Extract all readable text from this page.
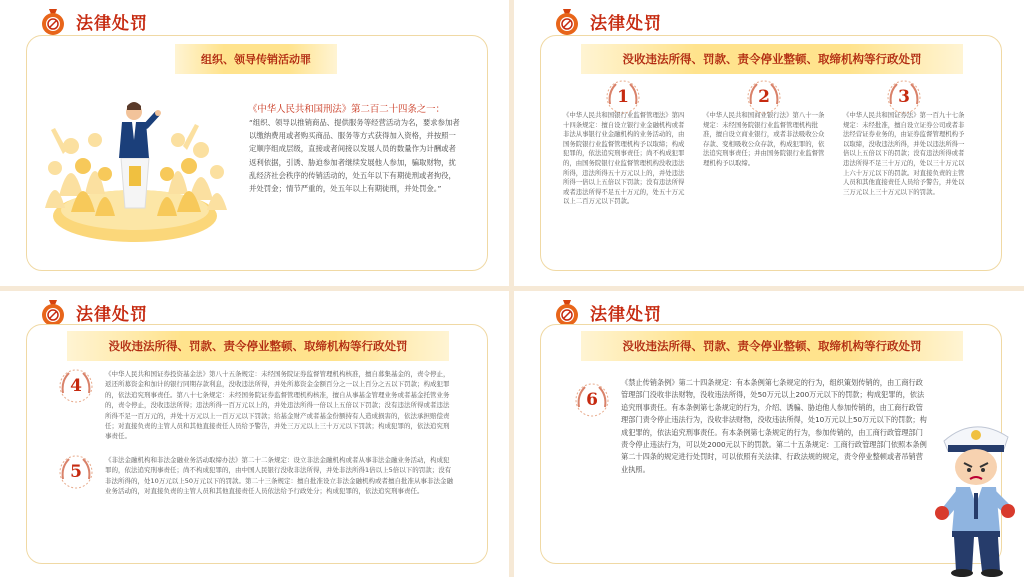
法律处罚
组织、领导传销活动罪
《中华人民共和国刑法》第二百二十四条之一：
“组织、领导以推销商品、提供服务等经营活动为名，要求参加者以缴纳费用或者购买商品、服务等方式获得加入资格，并按照一定顺序组成层级，直接或者间接以发展人员的数量作为计酬或者返利依据，引诱、胁迫参加者继续发展他人参加，骗取财物，扰乱经济社会秩序的传销活动的，处五年以下有期徒刑或者拘役，并处罚金；情节严重的，处五年以上有期徒刑，并处罚金。”
法律处罚
没收违法所得、罚款、责令停业整顿、取缔机构等行政处罚
1
《中华人民共和国银行业监督管理法》第四十四条规定：擅自设立银行业金融机构或者非法从事银行业金融机构的业务活动的，由国务院银行业监督管理机构予以取缔；构成犯罪的，依法追究刑事责任；尚不构成犯罪的，由国务院银行业监督管理机构没收违法所得，违法所得五十万元以上的，并处违法所得一倍以上五倍以下罚款；没有违法所得或者违法所得不足五十万元的，处五十万元以上二百万元以下罚款。
2
《中华人民共和国商业银行法》第八十一条规定：未经国务院银行业监督管理机构批准，擅自设立商业银行，或者非法吸收公众存款、变相吸收公众存款，构成犯罪的，依法追究刑事责任；并由国务院银行业监督管理机构予以取缔。
3
《中华人民共和国证券法》第一百九十七条规定：未经批准，擅自设立证券公司或者非法经营证券业务的，由证券监督管理机构予以取缔，没收违法所得，并处以违法所得一倍以上五倍以下的罚款；没有违法所得或者违法所得不足三十万元的，处以三十万元以上六十万元以下的罚款。对直接负责的主管人员和其他直接责任人员给予警告，并处以三万元以上三十万元以下的罚款。
法律处罚
没收违法所得、罚款、责令停业整顿、取缔机构等行政处罚
4
《中华人民共和国证券投资基金法》第八十五条规定：未经国务院证券监督管理机构核准，擅自募集基金的，责令停止，返还所募资金和加计的银行同期存款利息，没收违法所得，并处所募资金金额百分之一以上百分之五以下罚款；构成犯罪的，依法追究刑事责任。第八十七条规定：未经国务院证券监督管理机构核准，擅自从事基金管理业务或者基金托管业务的，责令停止，没收违法所得；违法所得一百万元以上的，并处违法所得一倍以上五倍以下罚款；没有违法所得或者违法所得不足一百万元的，并处十万元以上一百万元以下罚款；给基金财产或者基金份额持有人造成损害的，依法承担赔偿责任；对直接负责的主管人员和其他直接责任人员给予警告，并处三万元以上三十万元以下罚款；构成犯罪的，依法追究刑事责任。
5
《非法金融机构和非法金融业务活动取缔办法》第二十二条规定：设立非法金融机构或者从事非法金融业务活动，构成犯罪的，依法追究刑事责任；尚不构成犯罪的，由中国人民银行没收非法所得，并处非法所得1倍以上5倍以下的罚款；没有非法所得的，处10万元以上50万元以下的罚款。第二十三条规定：擅自批准设立非法金融机构或者擅自批准从事非法金融业务活动的，对直接负责的主管人员和其他直接责任人员依法给予行政处分；构成犯罪的，依法追究刑事责任。
法律处罚
没收违法所得、罚款、责令停业整顿、取缔机构等行政处罚
6
《禁止传销条例》第二十四条规定：有本条例第七条规定的行为，组织策划传销的，由工商行政管理部门没收非法财物，没收违法所得，处50万元以上200万元以下的罚款；构成犯罪的，依法追究刑事责任。有本条例第七条规定的行为，介绍、诱骗、胁迫他人参加传销的，由工商行政管理部门责令停止违法行为，没收非法财物，没收违法所得，处10万元以上50万元以下的罚款；构成犯罪的，依法追究刑事责任。有本条例第七条规定的行为，参加传销的，由工商行政管理部门责令停止违法行为，可以处2000元以下的罚款。第二十五条规定：工商行政管理部门依照本条例第二十四条的规定进行处罚时，可以依照有关法律、行政法规的规定，责令停业整顿或者吊销营业执照。
